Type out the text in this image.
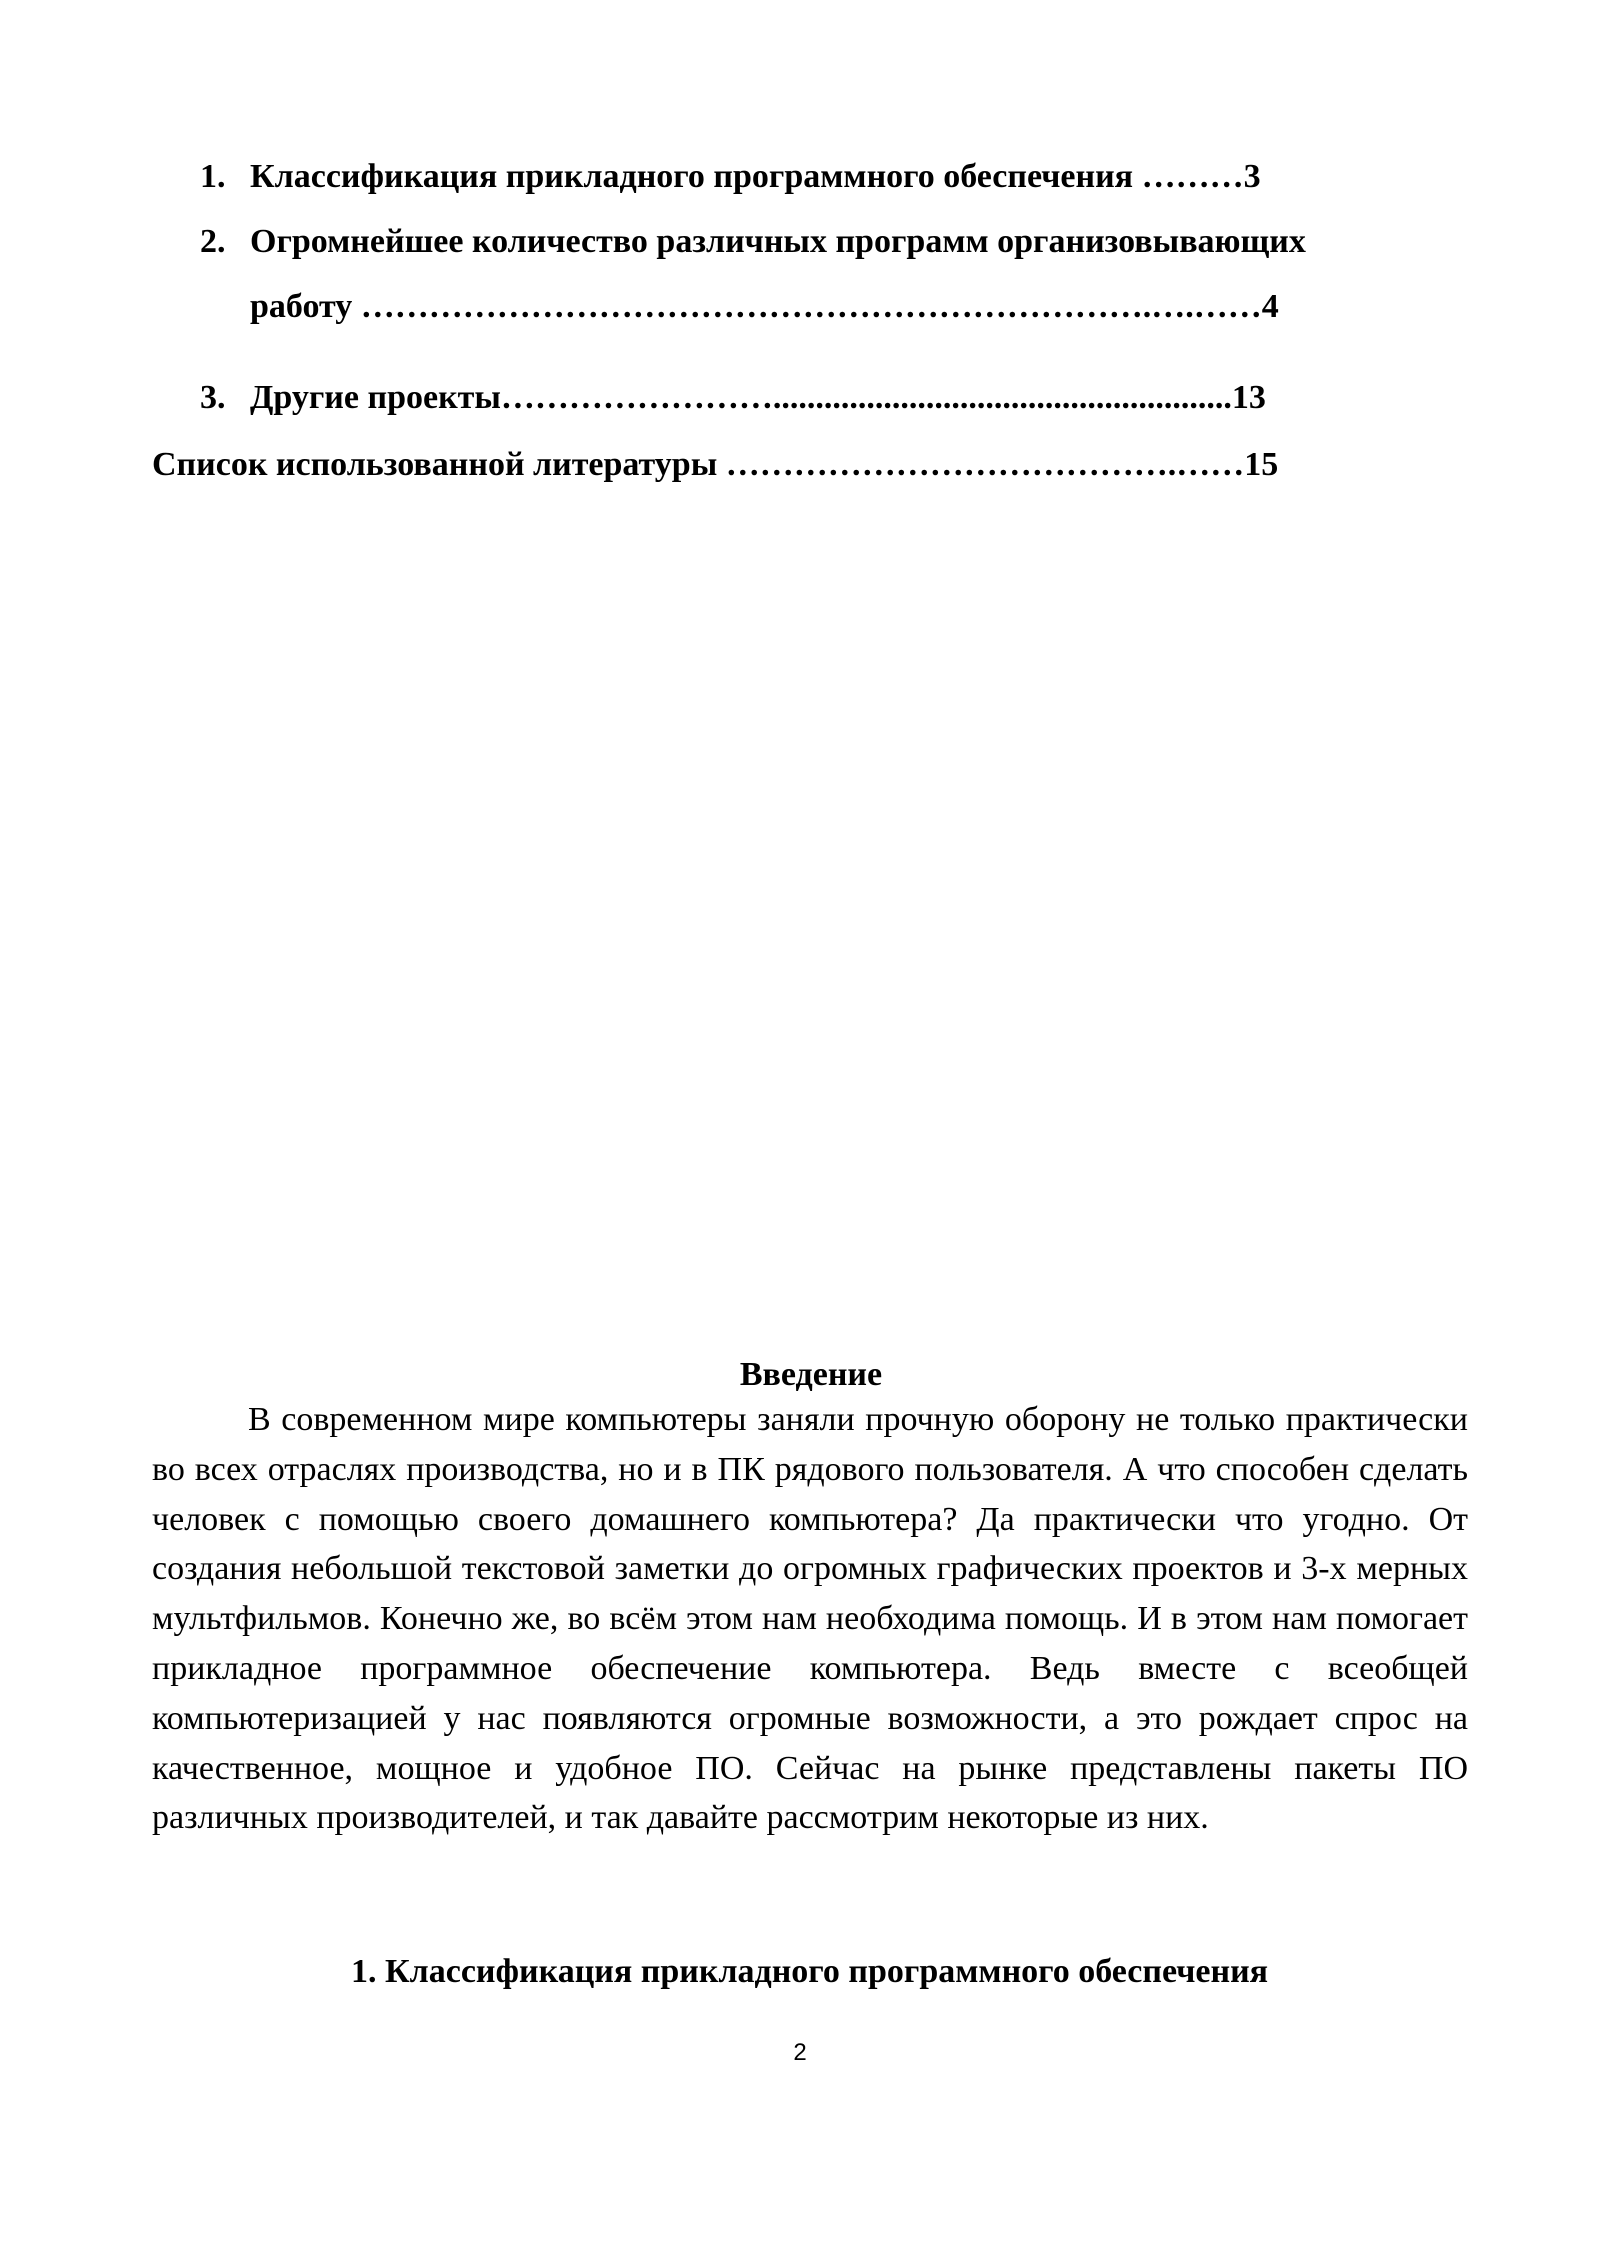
1. Классификация прикладного программного обеспечения ………3
2. Огромнейшее количество различных программ организовывающих
работу …………………………………………………………….….……4
3. Другие проекты……………………......................................................13
Список использованной литературы ………………………………….……15
Введение

В современном мире компьютеры заняли прочную оборону не только практически во всех отраслях производства, но и в ПК рядового пользователя. А что способен сделать человек с помощью своего домашнего компьютера? Да практически что угодно. От создания небольшой текстовой заметки до огромных графических проектов и 3-х мерных мультфильмов. Конечно же, во всём этом нам необходима помощь. И в этом нам помогает прикладное программное обеспечение компьютера. Ведь вместе с всеобщей компьютеризацией у нас появляются огромные возможности, а это рождает спрос на качественное, мощное и удобное ПО. Сейчас на рынке представлены пакеты ПО различных производителей, и так давайте рассмотрим некоторые из них.

1. Классификация прикладного программного обеспечения
2
